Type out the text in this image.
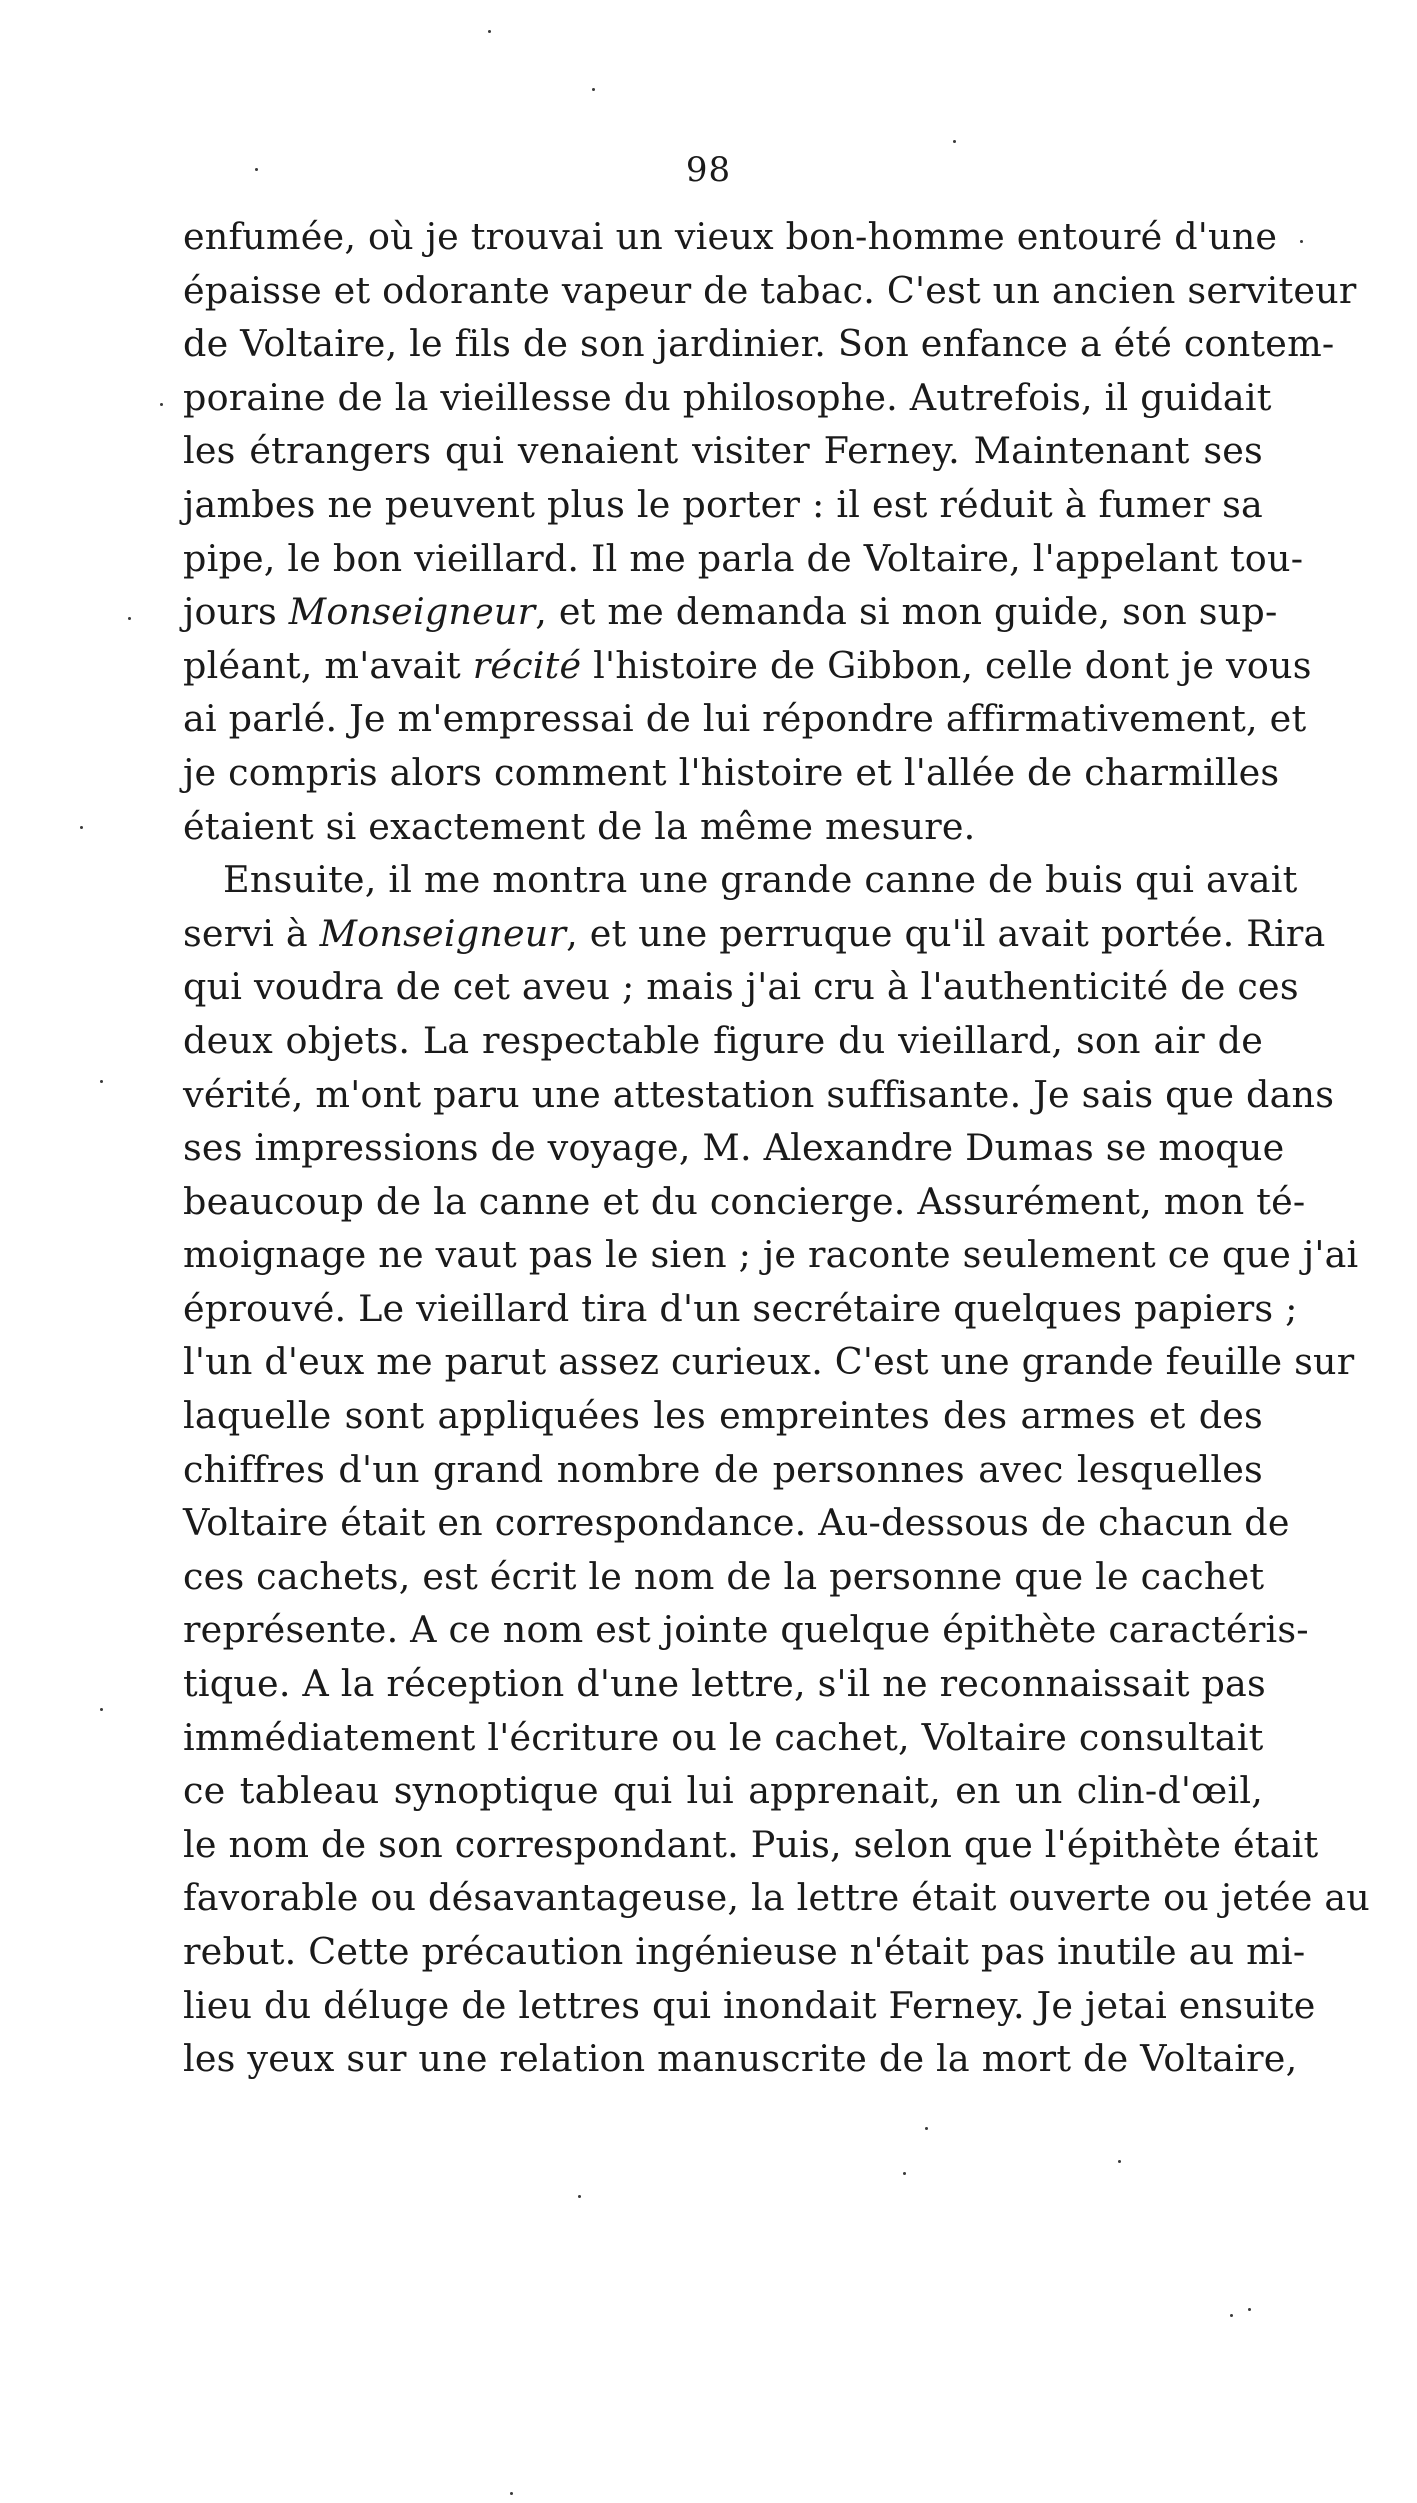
98

enfumée, où je trouvai un vieux bon-homme entouré d'une
épaisse et odorante vapeur de tabac. C'est un ancien serviteur
de Voltaire, le fils de son jardinier. Son enfance a été contem-
poraine de la vieillesse du philosophe. Autrefois, il guidait
les étrangers qui venaient visiter Ferney. Maintenant ses
jambes ne peuvent plus le porter : il est réduit à fumer sa
pipe, le bon vieillard. Il me parla de Voltaire, l'appelant tou-
jours Monseigneur, et me demanda si mon guide, son sup-
pléant, m'avait récité l'histoire de Gibbon, celle dont je vous
ai parlé. Je m'empressai de lui répondre affirmativement, et
je compris alors comment l'histoire et l'allée de charmilles
étaient si exactement de la même mesure.

Ensuite, il me montra une grande canne de buis qui avait
servi à Monseigneur, et une perruque qu'il avait portée. Rira
qui voudra de cet aveu ; mais j'ai cru à l'authenticité de ces
deux objets. La respectable figure du vieillard, son air de
vérité, m'ont paru une attestation suffisante. Je sais que dans
ses impressions de voyage, M. Alexandre Dumas se moque
beaucoup de la canne et du concierge. Assurément, mon té-
moignage ne vaut pas le sien ; je raconte seulement ce que j'ai
éprouvé. Le vieillard tira d'un secrétaire quelques papiers ;
l'un d'eux me parut assez curieux. C'est une grande feuille sur
laquelle sont appliquées les empreintes des armes et des
chiffres d'un grand nombre de personnes avec lesquelles
Voltaire était en correspondance. Au-dessous de chacun de
ces cachets, est écrit le nom de la personne que le cachet
représente. A ce nom est jointe quelque épithète caractéris-
tique. A la réception d'une lettre, s'il ne reconnaissait pas
immédiatement l'écriture ou le cachet, Voltaire consultait
ce tableau synoptique qui lui apprenait, en un clin-d'œil,
le nom de son correspondant. Puis, selon que l'épithète était
favorable ou désavantageuse, la lettre était ouverte ou jetée au
rebut. Cette précaution ingénieuse n'était pas inutile au mi-
lieu du déluge de lettres qui inondait Ferney. Je jetai ensuite
les yeux sur une relation manuscrite de la mort de Voltaire,
